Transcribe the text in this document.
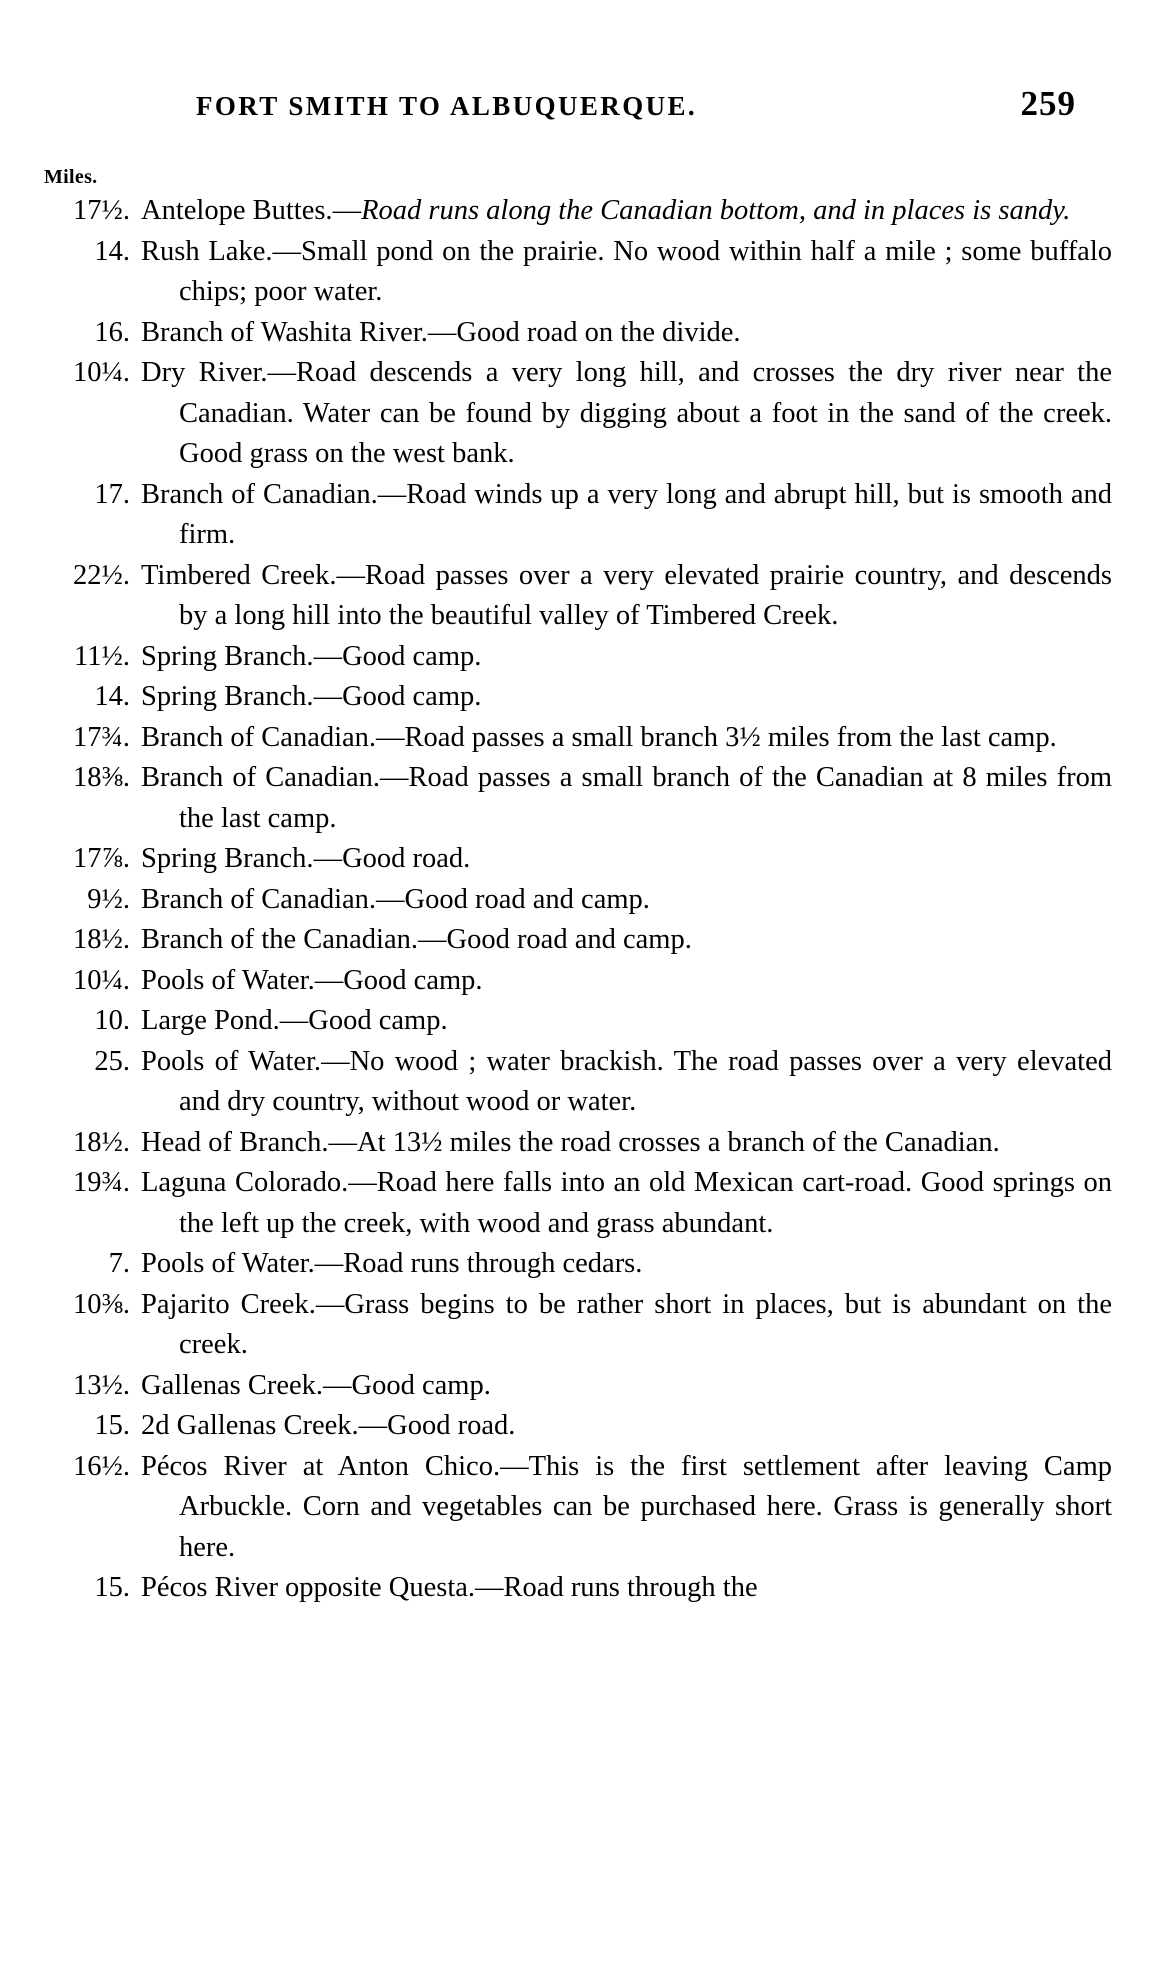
FORT SMITH TO ALBUQUERQUE.	259
Miles.
17½. Antelope Buttes.—Road runs along the Canadian bottom, and in places is sandy.
14. Rush Lake.—Small pond on the prairie. No wood within half a mile ; some buffalo chips; poor water.
16. Branch of Washita River.—Good road on the divide.
10¼. Dry River.—Road descends a very long hill, and crosses the dry river near the Canadian. Water can be found by digging about a foot in the sand of the creek. Good grass on the west bank.
17. Branch of Canadian.—Road winds up a very long and abrupt hill, but is smooth and firm.
22½. Timbered Creek.—Road passes over a very elevated prairie country, and descends by a long hill into the beautiful valley of Timbered Creek.
11½. Spring Branch.—Good camp.
14. Spring Branch.—Good camp.
17¾. Branch of Canadian.—Road passes a small branch 3½ miles from the last camp.
18⅜. Branch of Canadian.—Road passes a small branch of the Canadian at 8 miles from the last camp.
17⅞. Spring Branch.—Good road.
9½. Branch of Canadian.—Good road and camp.
18½. Branch of the Canadian.—Good road and camp.
10¼. Pools of Water.—Good camp.
10. Large Pond.—Good camp.
25. Pools of Water.—No wood ; water brackish. The road passes over a very elevated and dry country, without wood or water.
18½. Head of Branch.—At 13½ miles the road crosses a branch of the Canadian.
19¾. Laguna Colorado.—Road here falls into an old Mexican cart-road. Good springs on the left up the creek, with wood and grass abundant.
7. Pools of Water.—Road runs through cedars.
10⅜. Pajarito Creek.—Grass begins to be rather short in places, but is abundant on the creek.
13½. Gallenas Creek.—Good camp.
15. 2d Gallenas Creek.—Good road.
16½. Pécos River at Anton Chico.—This is the first settlement after leaving Camp Arbuckle. Corn and vegetables can be purchased here. Grass is generally short here.
15. Pécos River opposite Questa.—Road runs through the
